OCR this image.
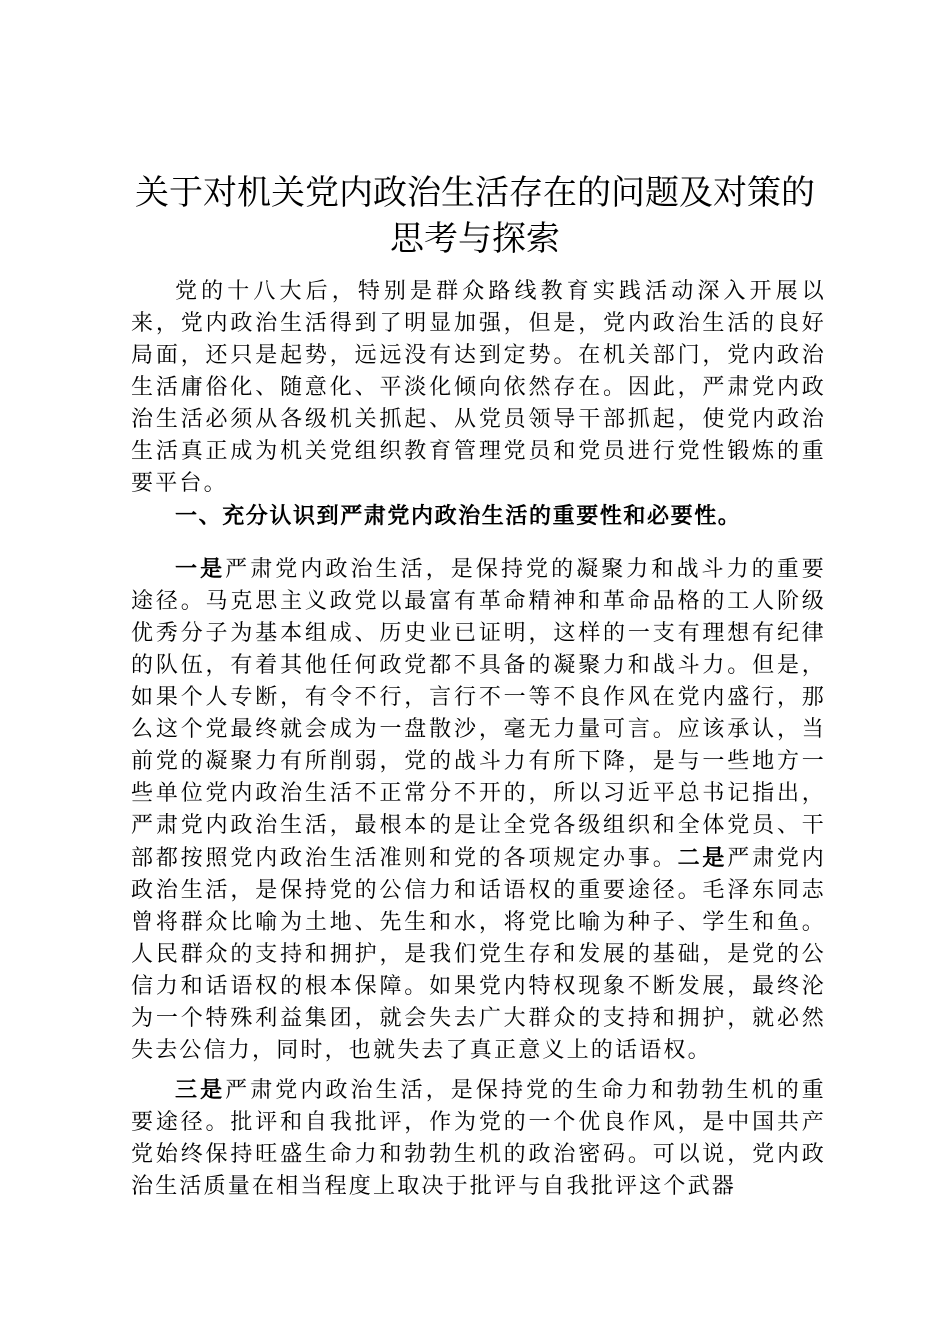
关于对机关党内政治生活存在的问题及对策的
思考与探索
党的十八大后，特别是群众路线教育实践活动深入开展以来，党内政治生活得到了明显加强，但是，党内政治生活的良好局面，还只是起势，远远没有达到定势。在机关部门，党内政治生活庸俗化、随意化、平淡化倾向依然存在。因此，严肃党内政治生活必须从各级机关抓起、从党员领导干部抓起，使党内政治生活真正成为机关党组织教育管理党员和党员进行党性锻炼的重要平台。
一、充分认识到严肃党内政治生活的重要性和必要性。
一是严肃党内政治生活，是保持党的凝聚力和战斗力的重要途径。马克思主义政党以最富有革命精神和革命品格的工人阶级优秀分子为基本组成、历史业已证明，这样的一支有理想有纪律的队伍，有着其他任何政党都不具备的凝聚力和战斗力。但是，如果个人专断，有令不行，言行不一等不良作风在党内盛行，那么这个党最终就会成为一盘散沙，毫无力量可言。应该承认，当前党的凝聚力有所削弱，党的战斗力有所下降，是与一些地方一些单位党内政治生活不正常分不开的，所以习近平总书记指出，严肃党内政治生活，最根本的是让全党各级组织和全体党员、干部都按照党内政治生活准则和党的各项规定办事。二是严肃党内政治生活，是保持党的公信力和话语权的重要途径。毛泽东同志曾将群众比喻为土地、先生和水，将党比喻为种子、学生和鱼。人民群众的支持和拥护，是我们党生存和发展的基础，是党的公信力和话语权的根本保障。如果党内特权现象不断发展，最终沦为一个特殊利益集团，就会失去广大群众的支持和拥护，就必然失去公信力，同时，也就失去了真正意义上的话语权。
三是严肃党内政治生活，是保持党的生命力和勃勃生机的重要途径。批评和自我批评，作为党的一个优良作风，是中国共产党始终保持旺盛生命力和勃勃生机的政治密码。可以说，党内政治生活质量在相当程度上取决于批评与自我批评这个武器
